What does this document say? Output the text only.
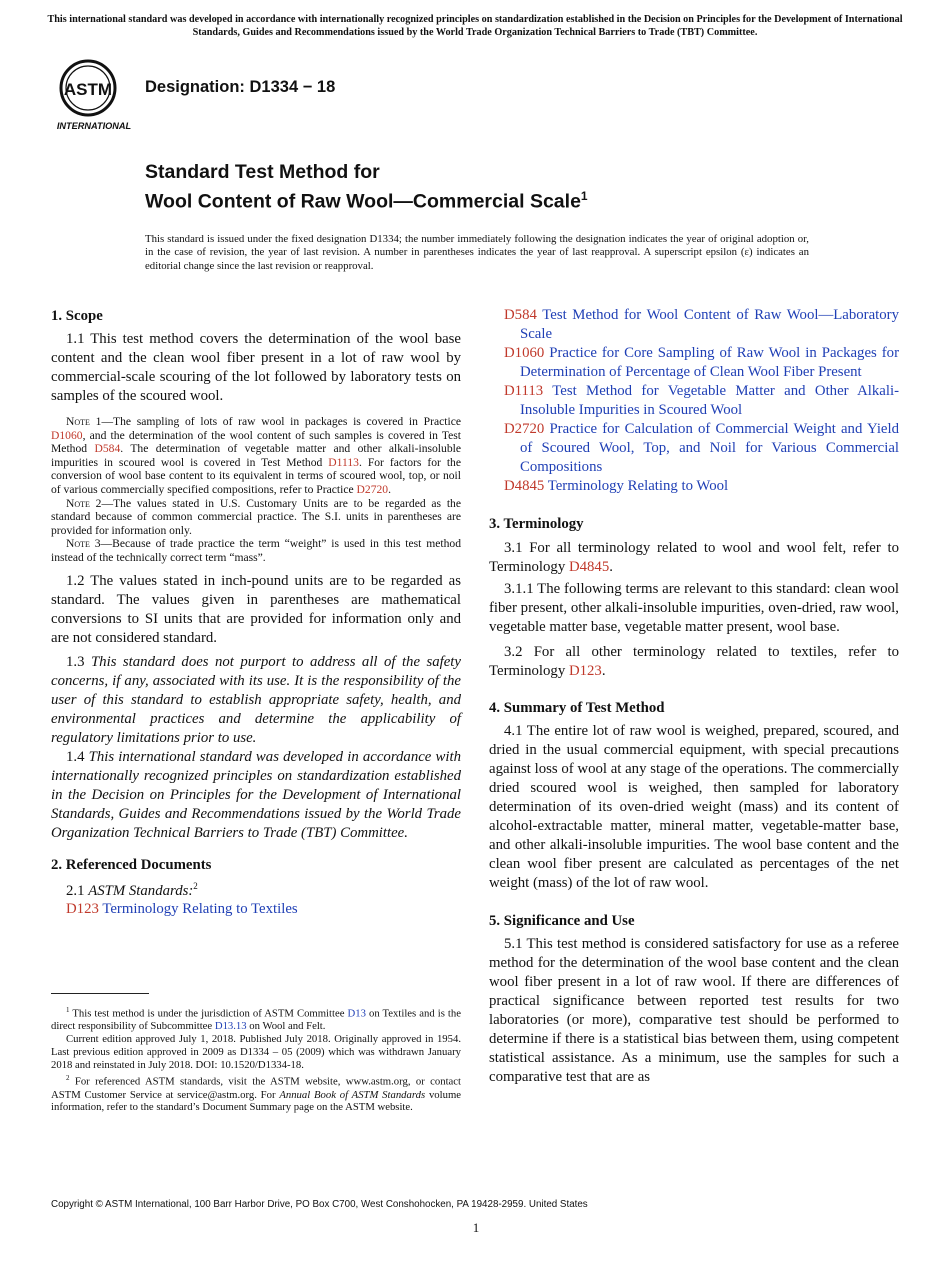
This international standard was developed in accordance with internationally recognized principles on standardization established in the Decision on Principles for the Development of International Standards, Guides and Recommendations issued by the World Trade Organization Technical Barriers to Trade (TBT) Committee.
ASTM
INTERNATIONAL
Designation: D1334 − 18
Standard Test Method for
Wool Content of Raw Wool—Commercial Scale$^1$
This standard is issued under the fixed designation D1334; the number immediately following the designation indicates the year of original adoption or, in the case of revision, the year of last revision. A number in parentheses indicates the year of last reapproval. A superscript epsilon (ε) indicates an editorial change since the last revision or reapproval.
1. Scope

1.1 This test method covers the determination of the wool base content and the clean wool fiber present in a lot of raw wool by commercial-scale scouring of the lot followed by laboratory tests on samples of the scoured wool.

Note 1—The sampling of lots of raw wool in packages is covered in Practice D1060, and the determination of the wool content of such samples is covered in Test Method D584. The determination of vegetable matter and other alkali-insoluble impurities in scoured wool is covered in Test Method D1113. For factors for the conversion of wool base content to its equivalent in terms of scoured wool, top, or noil of various commercially specified compositions, refer to Practice D2720.

Note 2—The values stated in U.S. Customary Units are to be regarded as the standard because of common commercial practice. The S.I. units in parentheses are provided for information only.

Note 3—Because of trade practice the term “weight” is used in this test method instead of the technically correct term “mass”.

1.2 The values stated in inch-pound units are to be regarded as standard. The values given in parentheses are mathematical conversions to SI units that are provided for information only and are not considered standard.

1.3 This standard does not purport to address all of the safety concerns, if any, associated with its use. It is the responsibility of the user of this standard to establish appropriate safety, health, and environmental practices and determine the applicability of regulatory limitations prior to use.

1.4 This international standard was developed in accordance with internationally recognized principles on standardization established in the Decision on Principles for the Development of International Standards, Guides and Recommendations issued by the World Trade Organization Technical Barriers to Trade (TBT) Committee.

2. Referenced Documents

2.1 ASTM Standards:$^2$

D123 Terminology Relating to Textiles

D584 Test Method for Wool Content of Raw Wool—Laboratory Scale

D1060 Practice for Core Sampling of Raw Wool in Packages for Determination of Percentage of Clean Wool Fiber Present

D1113 Test Method for Vegetable Matter and Other Alkali-Insoluble Impurities in Scoured Wool

D2720 Practice for Calculation of Commercial Weight and Yield of Scoured Wool, Top, and Noil for Various Commercial Compositions

D4845 Terminology Relating to Wool

3. Terminology

3.1 For all terminology related to wool and wool felt, refer to Terminology D4845.

3.1.1 The following terms are relevant to this standard: clean wool fiber present, other alkali-insoluble impurities, oven-dried, raw wool, vegetable matter base, vegetable matter present, wool base.

3.2 For all other terminology related to textiles, refer to Terminology D123.

4. Summary of Test Method

4.1 The entire lot of raw wool is weighed, prepared, scoured, and dried in the usual commercial equipment, with special precautions against loss of wool at any stage of the operations. The commercially dried scoured wool is weighed, then sampled for laboratory determination of its oven-dried weight (mass) and its content of alcohol-extractable matter, mineral matter, vegetable-matter base, and other alkali-insoluble impurities. The wool base content and the clean wool fiber present are calculated as percentages of the net weight (mass) of the lot of raw wool.

5. Significance and Use

5.1 This test method is considered satisfactory for use as a referee method for the determination of the wool base content and the clean wool fiber present in a lot of raw wool. If there are differences of practical significance between reported test results for two laboratories (or more), comparative test should be performed to determine if there is a statistical bias between them, using competent statistical assistance. As a minimum, use the samples for such a comparative test that are as

$^1$ This test method is under the jurisdiction of ASTM Committee D13 on Textiles and is the direct responsibility of Subcommittee D13.13 on Wool and Felt.

Current edition approved July 1, 2018. Published July 2018. Originally approved in 1954. Last previous edition approved in 2009 as D1334 – 05 (2009) which was withdrawn January 2018 and reinstated in July 2018. DOI: 10.1520/D1334-18.

$^2$ For referenced ASTM standards, visit the ASTM website, www.astm.org, or contact ASTM Customer Service at service@astm.org. For Annual Book of ASTM Standards volume information, refer to the standard’s Document Summary page on the ASTM website.

Copyright © ASTM International, 100 Barr Harbor Drive, PO Box C700, West Conshohocken, PA 19428-2959. United States
1
